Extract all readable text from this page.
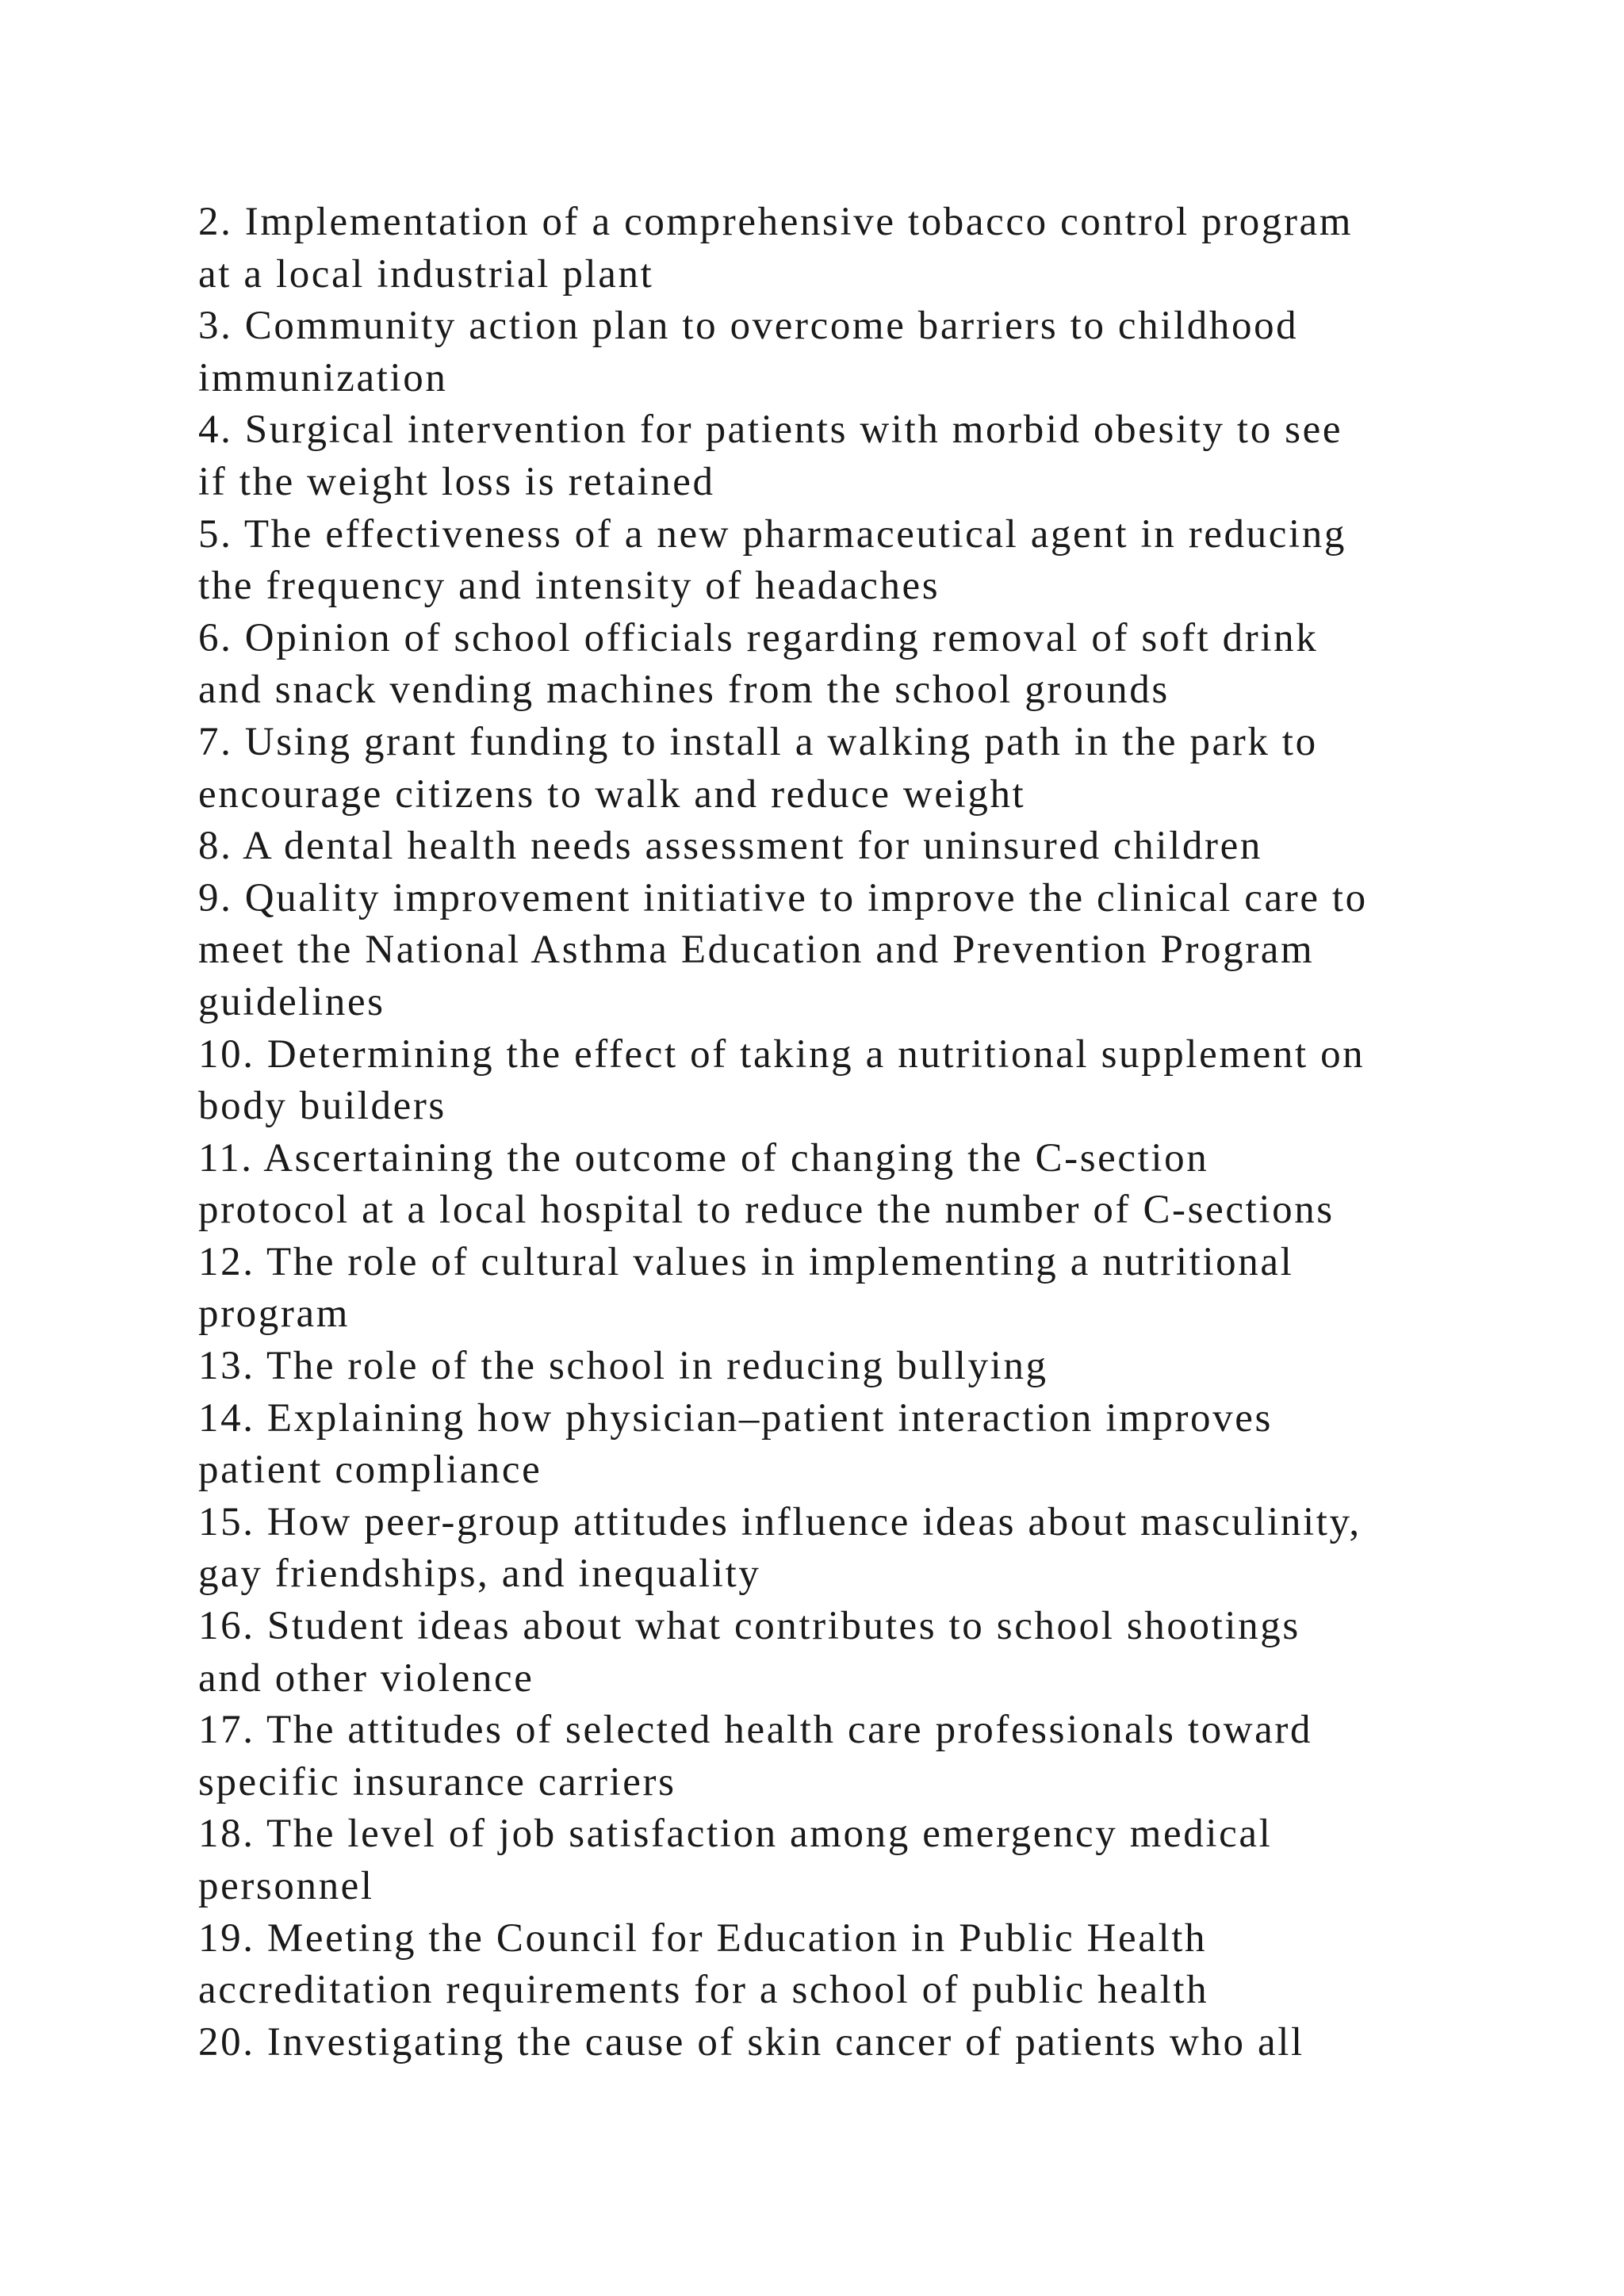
2. Implementation of a comprehensive tobacco control program
at a local industrial plant
3. Community action plan to overcome barriers to childhood
immunization
4. Surgical intervention for patients with morbid obesity to see
if the weight loss is retained
5. The effectiveness of a new pharmaceutical agent in reducing
the frequency and intensity of headaches
6. Opinion of school officials regarding removal of soft drink
and snack vending machines from the school grounds
7. Using grant funding to install a walking path in the park to
encourage citizens to walk and reduce weight
8. A dental health needs assessment for uninsured children
9. Quality improvement initiative to improve the clinical care to
meet the National Asthma Education and Prevention Program
guidelines
10. Determining the effect of taking a nutritional supplement on
body builders
11. Ascertaining the outcome of changing the C-section
protocol at a local hospital to reduce the number of C-sections
12. The role of cultural values in implementing a nutritional
program
13. The role of the school in reducing bullying
14. Explaining how physician–patient interaction improves
patient compliance
15. How peer-group attitudes influence ideas about masculinity,
gay friendships, and inequality
16. Student ideas about what contributes to school shootings
and other violence
17. The attitudes of selected health care professionals toward
specific insurance carriers
18. The level of job satisfaction among emergency medical
personnel
19. Meeting the Council for Education in Public Health
accreditation requirements for a school of public health
20. Investigating the cause of skin cancer of patients who all
